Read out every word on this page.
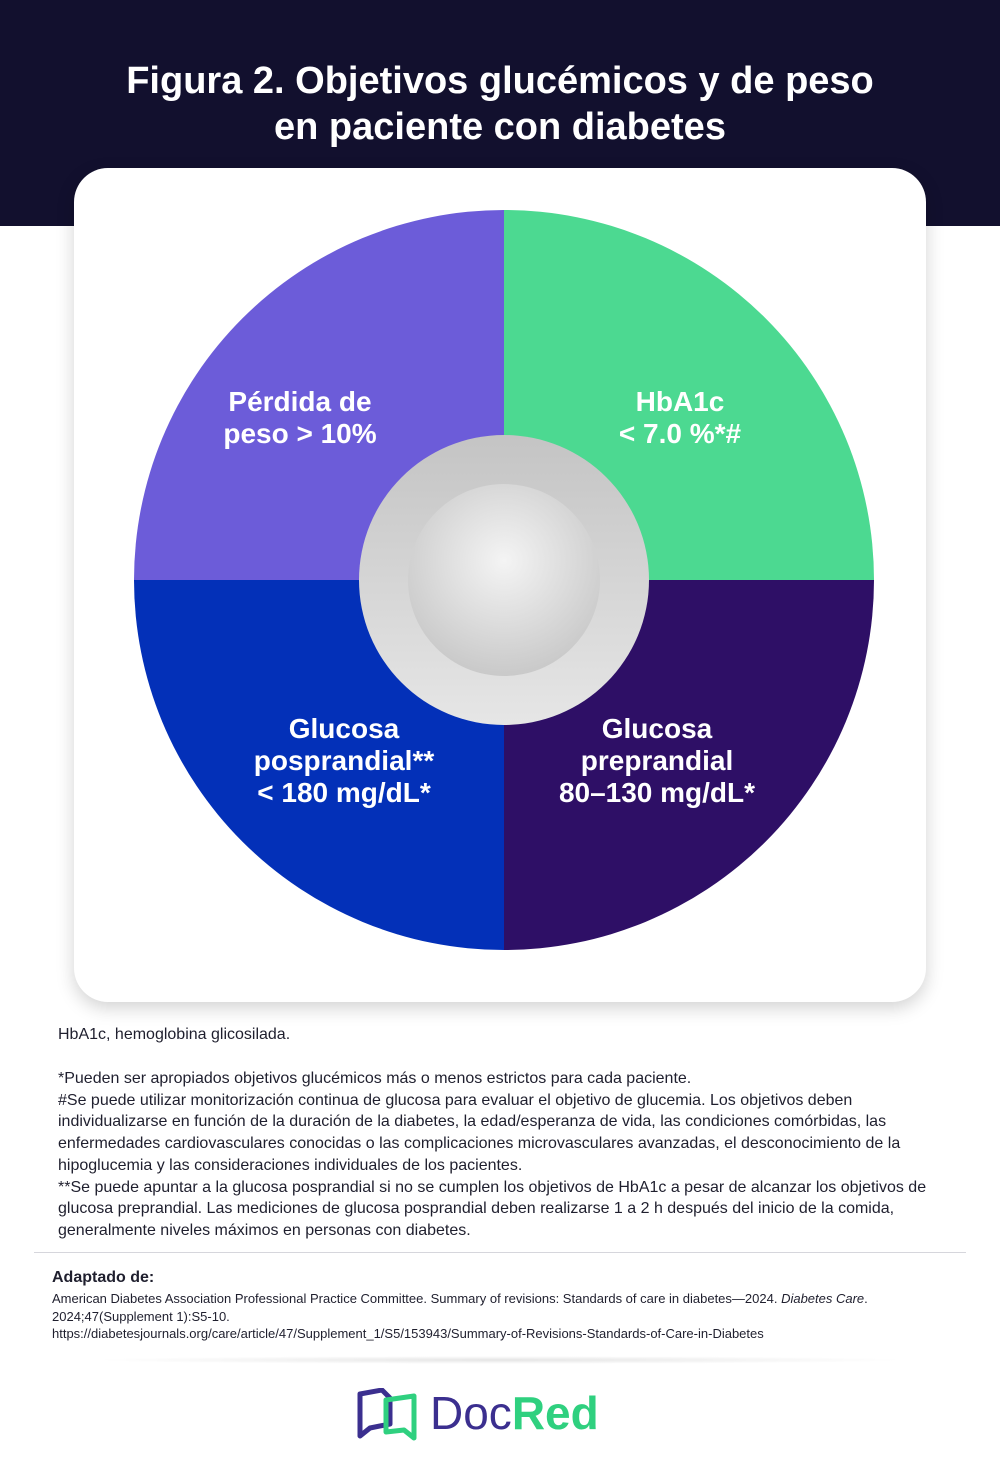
Figura 2. Objetivos glucémicos y de peso
en paciente con diabetes
Pérdida de
peso > 10%
HbA1c
< 7.0 %*#
Glucosa
posprandial**
< 180 mg/dL*
Glucosa
preprandial
80–130 mg/dL*

HbA1c, hemoglobina glicosilada.

*Pueden ser apropiados objetivos glucémicos más o menos estrictos para cada paciente.

#Se puede utilizar monitorización continua de glucosa para evaluar el objetivo de glucemia. Los objetivos deben individualizarse en función de la duración de la diabetes, la edad/esperanza de vida, las condiciones comórbidas, las enfermedades cardiovasculares conocidas o las complicaciones microvasculares avanzadas, el desconocimiento de la hipoglucemia y las consideraciones individuales de los pacientes.

**Se puede apuntar a la glucosa posprandial si no se cumplen los objetivos de HbA1c a pesar de alcanzar los objetivos de glucosa preprandial. Las mediciones de glucosa posprandial deben realizarse 1 a 2 h después del inicio de la comida, generalmente niveles máximos en personas con diabetes.

Adaptado de:

American Diabetes Association Professional Practice Committee. Summary of revisions: Standards of care in diabetes—2024. Diabetes Care. 2024;47(Supplement 1):S5-10.

https://diabetesjournals.org/care/article/47/Supplement_1/S5/153943/Summary-of-Revisions-Standards-of-Care-in-Diabetes

DocRed
